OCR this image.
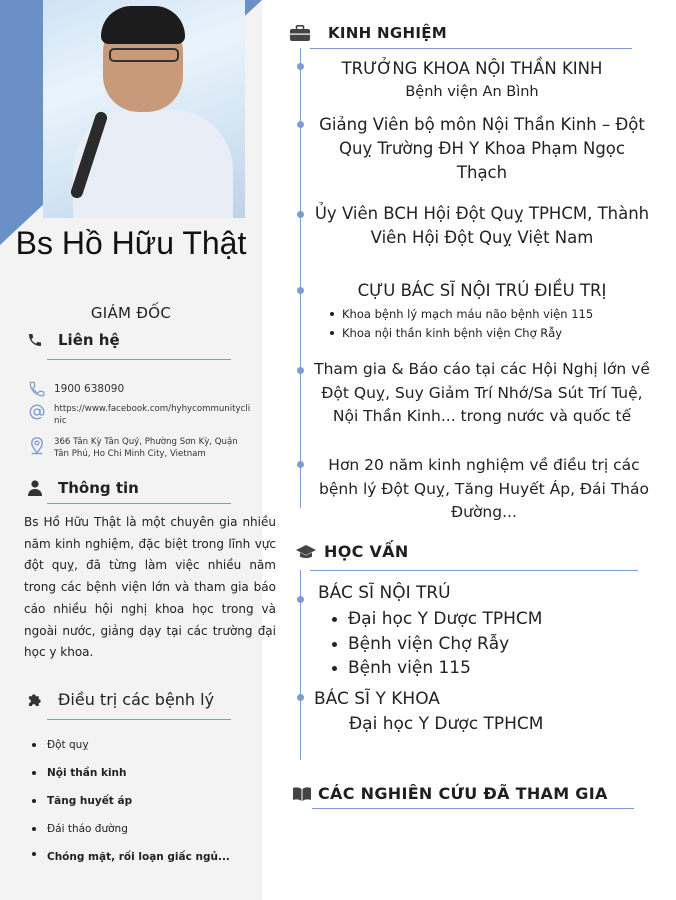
Bs Hồ Hữu Thật
GIÁM ĐỐC
Liên hệ
1900 638090
https://www.facebook.com/hyhycommunityclinic
366 Tân Kỳ Tân Quý, Phường Sơn Kỳ, Quận Tân Phú, Ho Chi Minh City, Vietnam
Thông tin
Bs Hồ Hữu Thật là một chuyên gia nhiều năm kinh nghiệm, đặc biệt trong lĩnh vực đột quỵ, đã từng làm việc nhiều năm trong các bệnh viện lớn và tham gia báo cáo nhiều hội nghị khoa học trong và ngoài nước, giảng dạy tại các trường đại học y khoa.
Điều trị các bệnh lý
Đột quỵ
Nội thần kinh
Tăng huyết áp
Đái tháo đường
Chóng mặt, rối loạn giấc ngủ...
KINH NGHIỆM
TRƯỞNG KHOA NỘI THẦN KINH
Bệnh viện An Bình
Giảng Viên bộ môn Nội Thần Kinh – Đột Quỵ Trường ĐH Y Khoa Phạm Ngọc Thạch
Ủy Viên BCH Hội Đột Quỵ TPHCM, Thành Viên Hội Đột Quỵ Việt Nam
CỰU BÁC SĨ NỘI TRÚ ĐIỀU TRỊ
Khoa bệnh lý mạch máu não bệnh viện 115
Khoa nội thần kinh bệnh viện Chợ Rẫy
Tham gia & Báo cáo tại các Hội Nghị lớn về Đột Quỵ, Suy Giảm Trí Nhớ/Sa Sút Trí Tuệ, Nội Thần Kinh... trong nước và quốc tế
Hơn 20 năm kinh nghiệm về điều trị các bệnh lý Đột Quỵ, Tăng Huyết Áp, Đái Tháo Đường...
HỌC VẤN
BÁC SĨ NỘI TRÚ
Đại học Y Dược TPHCM
Bệnh viện Chợ Rẫy
Bệnh viện 115
BÁC SĨ Y KHOA
Đại học Y Dược TPHCM
CÁC NGHIÊN CỨU ĐÃ THAM GIA
